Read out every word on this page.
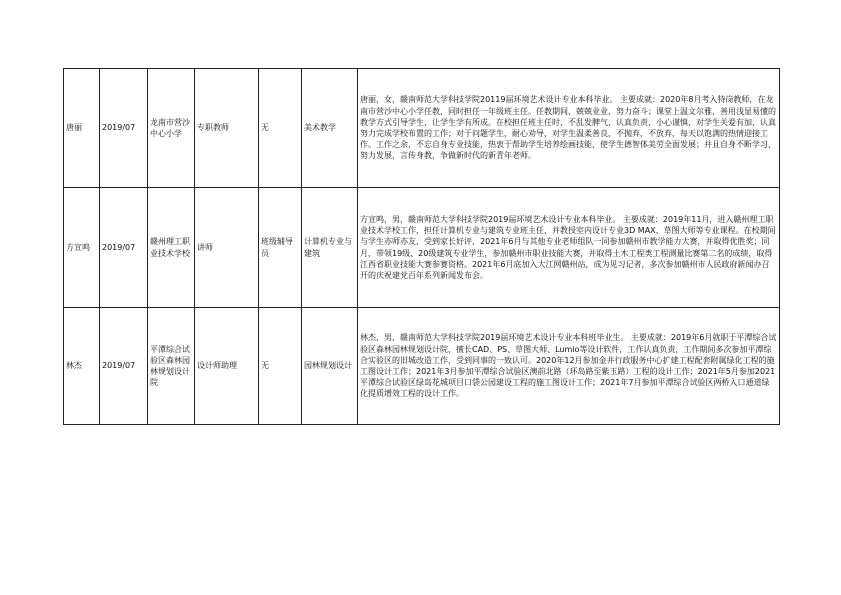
唐丽	2019/07	龙南市营沙中心小学	专职教师	无	美术教学	唐丽，女，赣南师范大学科技学院20119届环境艺术设计专业本科毕业。 主要成就：2020年8月考入特岗教师，在龙南市营沙中心小学任教，同时担任一年级班主任。任教期间，兢兢业业，努力奋斗；课堂上温文尔雅，善用浅显易懂的教学方式引导学生，让学生学有所成。在校担任班主任时，不乱发脾气，认真负责，小心谨慎，对学生关爱有加，认真努力完成学校布置的工作；对于问题学生，耐心劝导，对学生温柔善良，不抛弃，不放弃，每天以饱满的热情迎接工作。工作之余，不忘自身专业技能，热衷于帮助学生培养绘画技能，使学生德智体美劳全面发展；并且自身不断学习，努力发展，言传身教，争做新时代的新青年老师。
方宣鸣	2019/07	赣州理工职业技术学校	讲师	班级辅导员	计算机专业与建筑	方宣鸣，男，赣南师范大学科技学院2019届环境艺术设计专业本科毕业。 主要成就：2019年11月，进入赣州理工职业技术学校工作，担任计算机专业与建筑专业班主任，并教授室内设计专业3D MAX、草图大师等专业课程。在校期间与学生亦师亦友，受到家长好评，2021年6月与其他专业老师组队一同参加赣州市教学能力大赛，并取得优胜奖；同月，带领19级、20级建筑专业学生，参加赣州市职业技能大赛，并取得土木工程类工程测量比赛第二名的成绩，取得江西省职业技能大赛参赛资格。2021年6月底加入大江网赣州站，成为见习记者，多次参加赣州市人民政府新闻办召开的庆祝建党百年系列新闻发布会。
林杰	2019/07	平潭综合试验区森林园林规划设计院	设计师助理	无	园林规划设计	林杰，男，赣南师范大学科技学院2019届环境艺术设计专业本科班毕业生。 主要成就：2019年6月就职于平潭综合试验区森林园林规划设计院，擅长CAD、PS、草图大师、Lumio等设计软件，工作认真负责，工作期间多次参加平潭综合实验区的旧城改造工作，受到同事的一致认可。2020年12月参加金井行政服务中心扩建工程配套附属绿化工程的施工图设计工作；2021年3月参加平潭综合试验区澳前北路（环岛路至紫玉路）工程的设计工作；2021年5月参加2021平潭综合试验区绿岛花城项目口袋公园建设工程的施工图设计工作；2021年7月参加平潭综合试验区两桥入口通道绿化提质增效工程的设计工作。
